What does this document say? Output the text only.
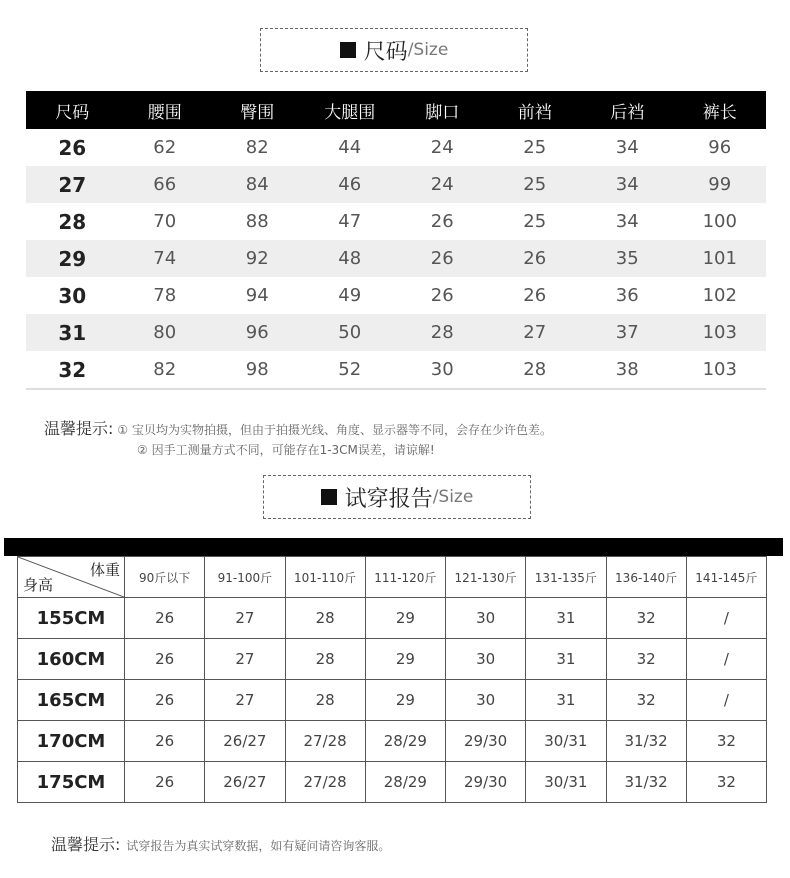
尺码 /Size
尺码	腰围	臀围	大腿围	脚口	前裆	后裆	裤长
26	62	82	44	24	25	34	96
27	66	84	46	24	25	34	99
28	70	88	47	26	25	34	100
29	74	92	48	26	26	35	101
30	78	94	49	26	26	36	102
31	80	96	50	28	27	37	103
32	82	98	52	30	28	38	103
温馨提示: ① 宝贝均为实物拍摄，但由于拍摄光线、角度、显示器等不同，会存在少许色差。
② 因手工测量方式不同，可能存在1-3CM误差，请谅解!
试穿报告 /Size
体重
身高	90斤以下	91-100斤	101-110斤	111-120斤	121-130斤	131-135斤	136-140斤	141-145斤
155CM	26	27	28	29	30	31	32	/
160CM	26	27	28	29	30	31	32	/
165CM	26	27	28	29	30	31	32	/
170CM	26	26/27	27/28	28/29	29/30	30/31	31/32	32
175CM	26	26/27	27/28	28/29	29/30	30/31	31/32	32
温馨提示: 试穿报告为真实试穿数据，如有疑问请咨询客服。
